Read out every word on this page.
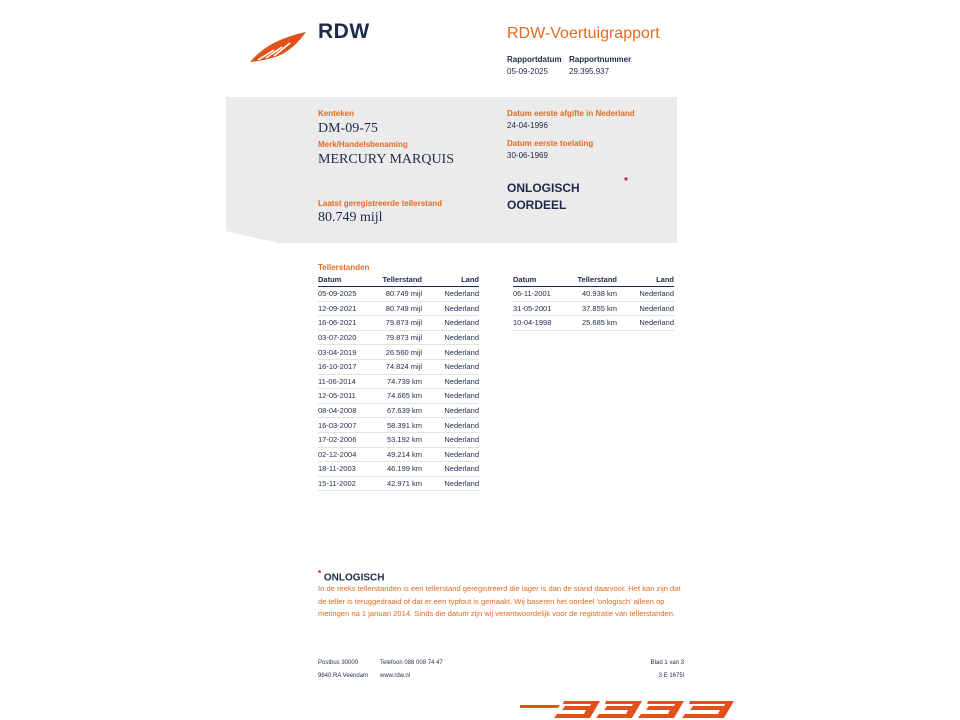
RDW	RDW-Voertuigrapport
Rapportdatum
05-09-2025
Rapportnummer
29.395.937
Kenteken
DM-09-75
Merk/Handelsbenaming
MERCURY MARQUIS
Laatst geregistreerde tellerstand
80.749 mijl
Datum eerste afgifte in Nederland
24-04-1996
Datum eerste toelating
30-06-1969
ONLOGISCH
OORDEEL
*
Tellerstanden
Datum	Tellerstand	Land
05-09-2025	80.749 mijl	Nederland
12-09-2021	80.749 mijl	Nederland
16-06-2021	79.873 mijl	Nederland
03-07-2020	79.873 mijl	Nederland
03-04-2019	26.560 mijl	Nederland
16-10-2017	74.824 mijl	Nederland
11-06-2014	74.739 km	Nederland
12-05-2011	74.665 km	Nederland
08-04-2008	67.639 km	Nederland
16-03-2007	58.391 km	Nederland
17-02-2006	53.192 km	Nederland
02-12-2004	49.214 km	Nederland
18-11-2003	46.199 km	Nederland
15-11-2002	42.971 km	Nederland
Datum	Tellerstand	Land
06-11-2001	40.938 km	Nederland
31-05-2001	37.855 km	Nederland
10-04-1998	25.685 km	Nederland
* ONLOGISCH
In de reeks tellerstanden is een tellerstand geregistreerd die lager is dan de stand daarvoor. Het kan zijn dat de teller is teruggedraaid of dat er een typfout is gemaakt. Wij baseren het oordeel 'onlogisch' alleen op metingen na 1 januari 2014. Sinds die datum zijn wij verantwoordelijk voor de registratie van tellerstanden.
Postbus 30000
9640 RA Veendam
Telefoon 088 008 74 47
www.rdw.nl
Blad 1 van 3
3 E 1675l
